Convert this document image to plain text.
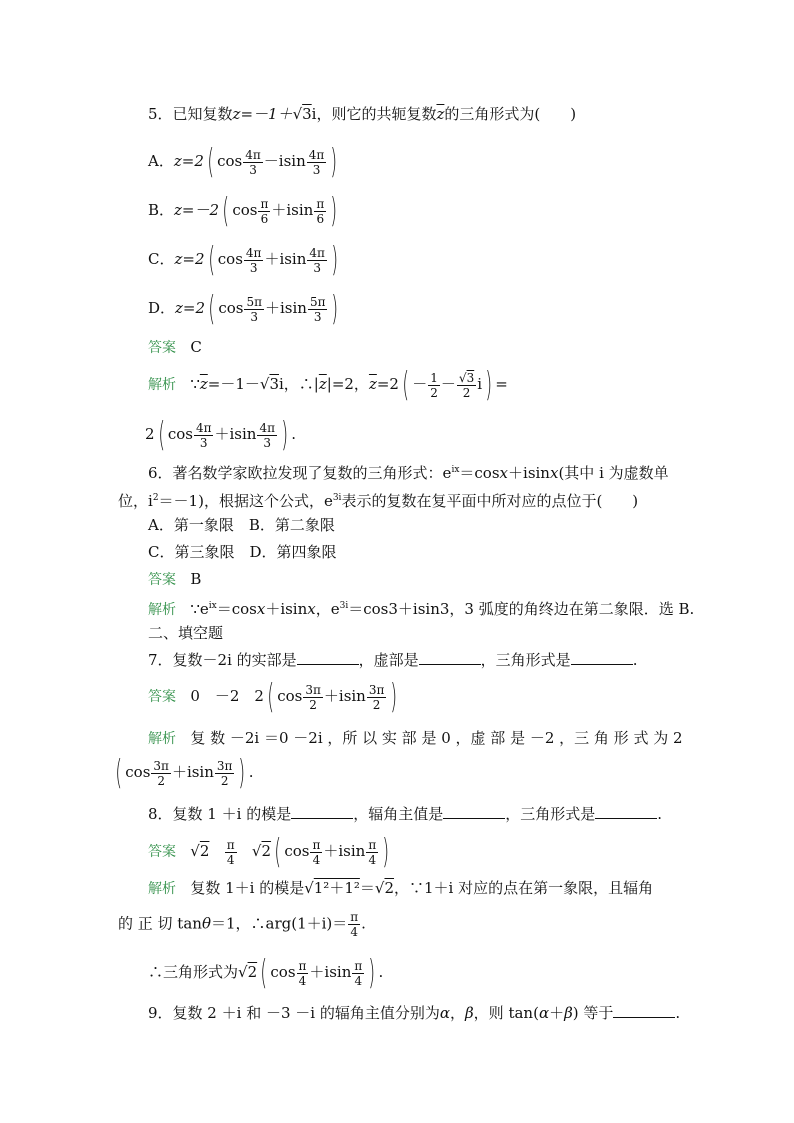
5．已知复数z=－1＋√3i，则它的共轭复数$\overline{z}$的三角形式为(　　)
A．z=2( $\cos \frac{4\pi}{3} -isin \frac{4\pi}{3}$ )
B．z=－2( $\cos \frac{\pi}{6} +isin \frac{\pi}{6}$ )
C．z=2( $\cos \frac{4\pi}{3} +isin \frac{4\pi}{3}$ )
D．z=2( $\cos \frac{5\pi}{3} +isin \frac{5\pi}{3}$ )
答案 C
解析 $\because\overline{z}=-1-√3i$，$\therefore|\overline{z}|=2$，$\overline{z}=2( - \frac{1}{2} - \frac{√3}{2} i)$ =
2( $\cos \frac{4\pi}{3} +isin \frac{4\pi}{3}$ ) .
6．著名数学家欧拉发现了复数的三角形式：$e^{ix}=\cos x+isinx$(其中 i 为虚数单
位，$i^2=-1$)，根据这个公式，$e^{3i}$表示的复数在复平面中所对应的点位于(　　)
A．第一象限　B．第二象限
C．第三象限　D．第四象限
答案 B
解析 $\because e^{ix}=\cos x+isinx$，$e^{3i}=\cos 3+isin3$，3 弧度的角终边在第二象限．选 B.
二、填空题
7．复数－2i 的实部是	，虚部是	，三角形式是	.
答案 0　－2　2( $\cos \frac{3\pi}{2} +isin \frac{3\pi}{2}$ )
解析 复 数 －2i ＝0 －2i ，所 以 实 部 是 0 ，虚 部 是 －2 ，三 角 形 式 为 2
( $\cos \frac{3\pi}{2} +isin \frac{3\pi}{2}$ ) .
8．复数 1 ＋i 的模是	，辐角主值是	，三角形式是	.
答案   $√2 \frac{\pi}{4} √2$( $\cos \frac{\pi}{4} +isin \frac{\pi}{4}$ )
解析 复数 1＋i 的模是√1²＋1²＝√2，∵1＋i 对应的点在第一象限，且辐角
的 正 切 tanθ＝1，∴arg(1＋i)＝ $\frac{\pi}{4}$ .
∴三角形式为√2( $\cos \frac{\pi}{4} +isin \frac{\pi}{4}$ ) .
9．复数 2 ＋i 和 －3 －i 的辐角主值分别为α，β，则 tan(α＋β) 等于	.
